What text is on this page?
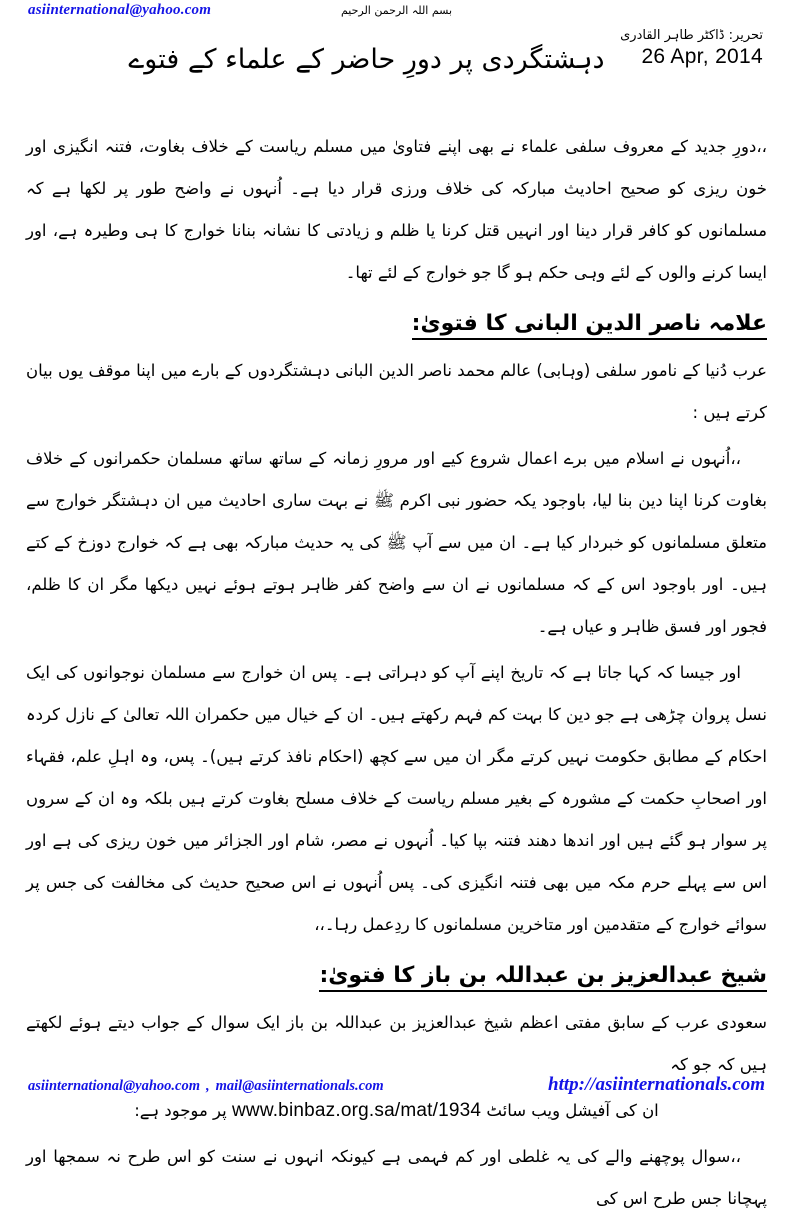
asiinternational@yahoo.com	بسم اللہ الرحمن الرحیم
تحریر: ڈاکٹر طاہر القادری
26 Apr, 2014
دہشتگردی پر دورِ حاضر کے علماء کے فتوے

،،دورِ جدید کے معروف سلفی علماء نے بھی اپنے فتاویٰ میں مسلم ریاست کے خلاف بغاوت، فتنہ انگیزی اور خون ریزی کو صحیح احادیث مبارکہ کی خلاف ورزی قرار دیا ہے۔ اُنہوں نے واضح طور پر لکھا ہے کہ مسلمانوں کو کافر قرار دینا اور انہیں قتل کرنا یا ظلم و زیادتی کا نشانہ بنانا خوارج کا ہی وطیرہ ہے، اور ایسا کرنے والوں کے لئے وہی حکم ہو گا جو خوارج کے لئے تھا۔

علامہ ناصر الدین البانی کا فتویٰ:

عرب دُنیا کے نامور سلفی (وہابی) عالم محمد ناصر الدین البانی دہشتگردوں کے بارے میں اپنا موقف یوں بیان کرتے ہیں :

،،اُنہوں نے اسلام میں برے اعمال شروع کیے اور مرورِ زمانہ کے ساتھ ساتھ مسلمان حکمرانوں کے خلاف بغاوت کرنا اپنا دین بنا لیا، باوجود یکہ حضور نبی اکرم ﷺ نے بہت ساری احادیث میں ان دہشتگر خوارج سے متعلق مسلمانوں کو خبردار کیا ہے۔ ان میں سے آپ ﷺ کی یہ حدیث مبارکہ بھی ہے کہ خوارج دوزخ کے کتے ہیں۔ اور باوجود اس کے کہ مسلمانوں نے ان سے واضح کفر ظاہر ہوتے ہوئے نہیں دیکھا مگر ان کا ظلم، فجور اور فسق ظاہر و عیاں ہے۔

اور جیسا کہ کہا جاتا ہے کہ تاریخ اپنے آپ کو دہراتی ہے۔ پس ان خوارج سے مسلمان نوجوانوں کی ایک نسل پروان چڑھی ہے جو دین کا بہت کم فہم رکھتے ہیں۔ ان کے خیال میں حکمران اللہ تعالیٰ کے نازل کردہ احکام کے مطابق حکومت نہیں کرتے مگر ان میں سے کچھ (احکام نافذ کرتے ہیں)۔ پس، وہ اہلِ علم، فقہاء اور اصحابِ حکمت کے مشورہ کے بغیر مسلم ریاست کے خلاف مسلح بغاوت کرتے ہیں بلکہ وہ ان کے سروں پر سوار ہو گئے ہیں اور اندھا دھند فتنہ بپا کیا۔ اُنہوں نے مصر، شام اور الجزائر میں خون ریزی کی ہے اور اس سے پہلے حرم مکہ میں بھی فتنہ انگیزی کی۔ پس اُنہوں نے اس صحیح حدیث کی مخالفت کی جس پر سوائے خوارج کے متقدمین اور متاخرین مسلمانوں کا ردِعمل رہا۔،،

شیخ عبدالعزیز بن عبداللہ بن باز کا فتویٰ:

سعودی عرب کے سابق مفتی اعظم شیخ عبدالعزیز بن عبداللہ بن باز ایک سوال کے جواب دیتے ہوئے لکھتے ہیں کہ جو کہ

ان کی آفیشل ویب سائٹ www.binbaz.org.sa/mat/1934 پر موجود ہے:

،،سوال پوچھنے والے کی یہ غلطی اور کم فہمی ہے کیونکہ انہوں نے سنت کو اس طرح نہ سمجھا اور پہچانا جس طرح اس کی

asiinternational@yahoo.com , mail@asiinternationals.com	http://asiinternationals.com
